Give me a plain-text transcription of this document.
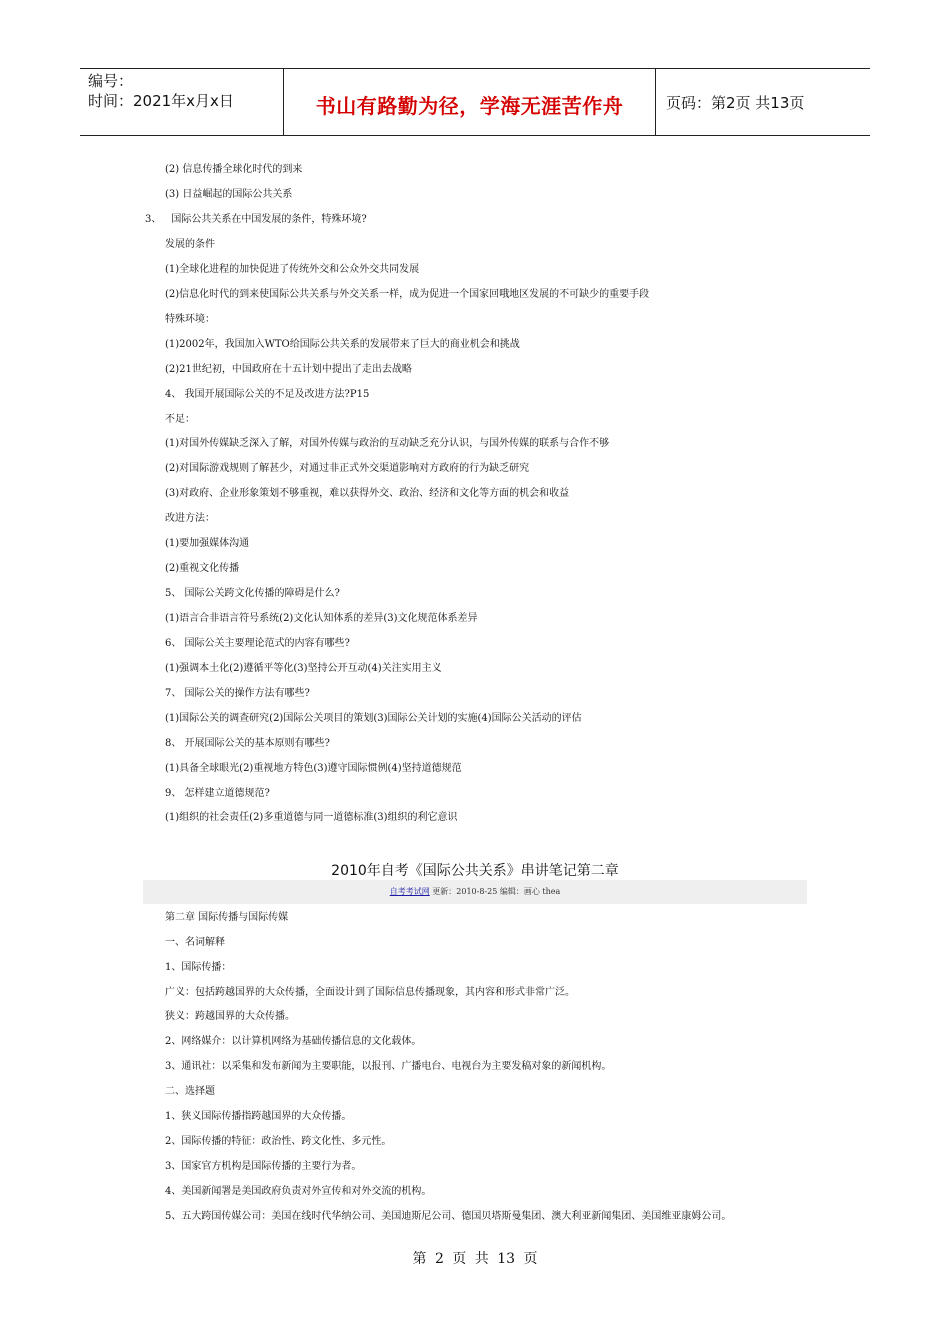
编号：
时间：2021年x月x日	书山有路勤为径，学海无涯苦作舟	页码：第2页 共13页
(2) 信息传播全球化时代的到来
(3) 日益崛起的国际公共关系
3、 国际公共关系在中国发展的条件，特殊环境?
发展的条件
(1)全球化进程的加快促进了传统外交和公众外交共同发展
(2)信息化时代的到来使国际公共关系与外交关系一样，成为促进一个国家回哦地区发展的不可缺少的重要手段
特殊环境：
(1)2002年，我国加入WTO给国际公共关系的发展带来了巨大的商业机会和挑战
(2)21世纪初，中国政府在十五计划中提出了走出去战略
4、 我国开展国际公关的不足及改进方法?P15
不足：
(1)对国外传媒缺乏深入了解，对国外传媒与政治的互动缺乏充分认识，与国外传媒的联系与合作不够
(2)对国际游戏规则了解甚少，对通过非正式外交渠道影响对方政府的行为缺乏研究
(3)对政府、企业形象策划不够重视，难以获得外交、政治、经济和文化等方面的机会和收益
改进方法：
(1)要加强媒体沟通
(2)重视文化传播
5、 国际公关跨文化传播的障碍是什么?
(1)语言合非语言符号系统(2)文化认知体系的差异(3)文化规范体系差异
6、 国际公关主要理论范式的内容有哪些?
(1)强调本土化(2)遵循平等化(3)坚持公开互动(4)关注实用主义
7、 国际公关的操作方法有哪些?
(1)国际公关的调查研究(2)国际公关项目的策划(3)国际公关计划的实施(4)国际公关活动的评估
8、 开展国际公关的基本原则有哪些?
(1)具备全球眼光(2)重视地方特色(3)遵守国际惯例(4)坚持道德规范
9、 怎样建立道德规范?
(1)组织的社会责任(2)多重道德与同一道德标准(3)组织的利它意识
2010年自考《国际公共关系》串讲笔记第二章
自考考试网 更新：2010-8-25 编辑：画心 thea
第二章 国际传播与国际传媒
一、名词解释
1、国际传播：
广义：包括跨越国界的大众传播，全面设计到了国际信息传播现象，其内容和形式非常广泛。
狭义：跨越国界的大众传播。
2、网络媒介：以计算机网络为基础传播信息的文化载体。
3、通讯社：以采集和发布新闻为主要职能，以报刊、广播电台、电视台为主要发稿对象的新闻机构。
二、选择题
1、狭义国际传播指跨越国界的大众传播。
2、国际传播的特征：政治性、跨文化性、多元性。
3、国家官方机构是国际传播的主要行为者。
4、美国新闻署是美国政府负责对外宣传和对外交流的机构。
5、五大跨国传媒公司：美国在线时代华纳公司、美国迪斯尼公司、德国贝塔斯曼集团、澳大利亚新闻集团、美国维亚康姆公司。
第 2 页 共 13 页
